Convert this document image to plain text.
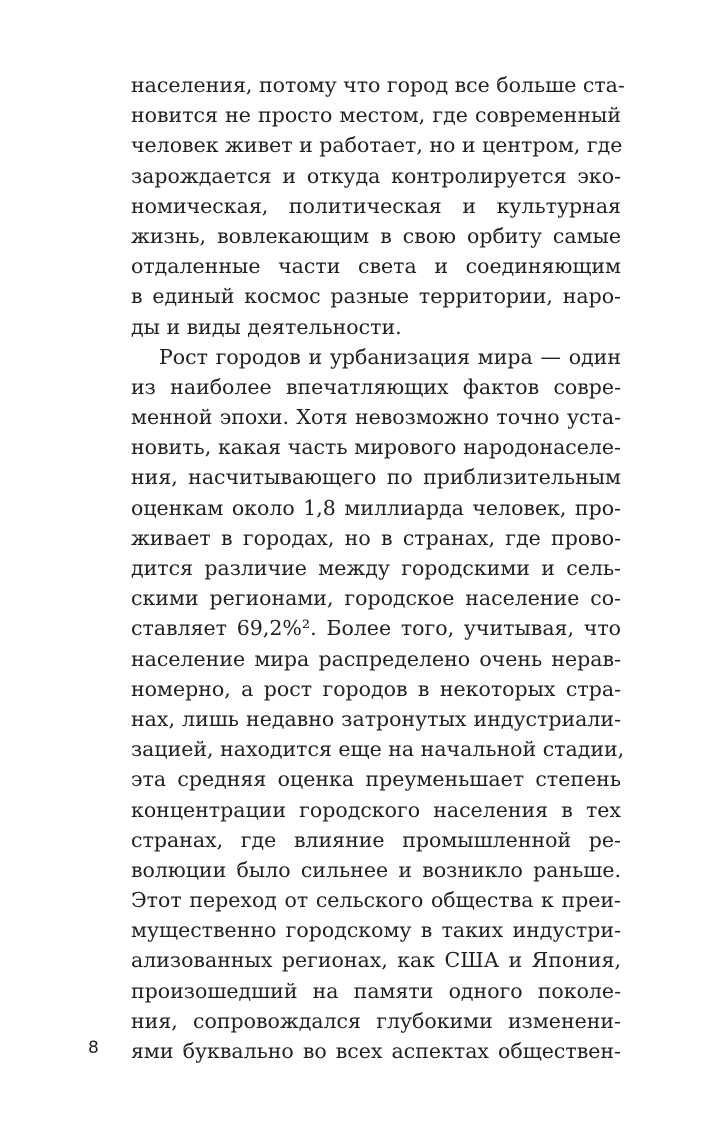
населения, потому что город все больше ста-
новится не просто местом, где современный
человек живет и работает, но и центром, где
зарождается и откуда контролируется эко-
номическая, политическая и культурная
жизнь, вовлекающим в свою орбиту самые
отдаленные части света и соединяющим
в единый космос разные территории, наро-
ды и виды деятельности.
Рост городов и урбанизация мира — один
из наиболее впечатляющих фактов совре-
менной эпохи. Хотя невозможно точно уста-
новить, какая часть мирового народонаселе-
ния, насчитывающего по приблизительным
оценкам около 1,8 миллиарда человек, про-
живает в городах, но в странах, где прово-
дится различие между городскими и сель-
скими регионами, городское население со-
ставляет 69,2%². Более того, учитывая, что
население мира распределено очень нерав-
номерно, а рост городов в некоторых стра-
нах, лишь недавно затронутых индустриали-
зацией, находится еще на начальной стадии,
эта средняя оценка преуменьшает степень
концентрации городского населения в тех
странах, где влияние промышленной ре-
волюции было сильнее и возникло раньше.
Этот переход от сельского общества к преи-
мущественно городскому в таких индустри-
ализованных регионах, как США и Япония,
произошедший на памяти одного поколе-
ния, сопровождался глубокими изменени-
ями буквально во всех аспектах обществен-
8
